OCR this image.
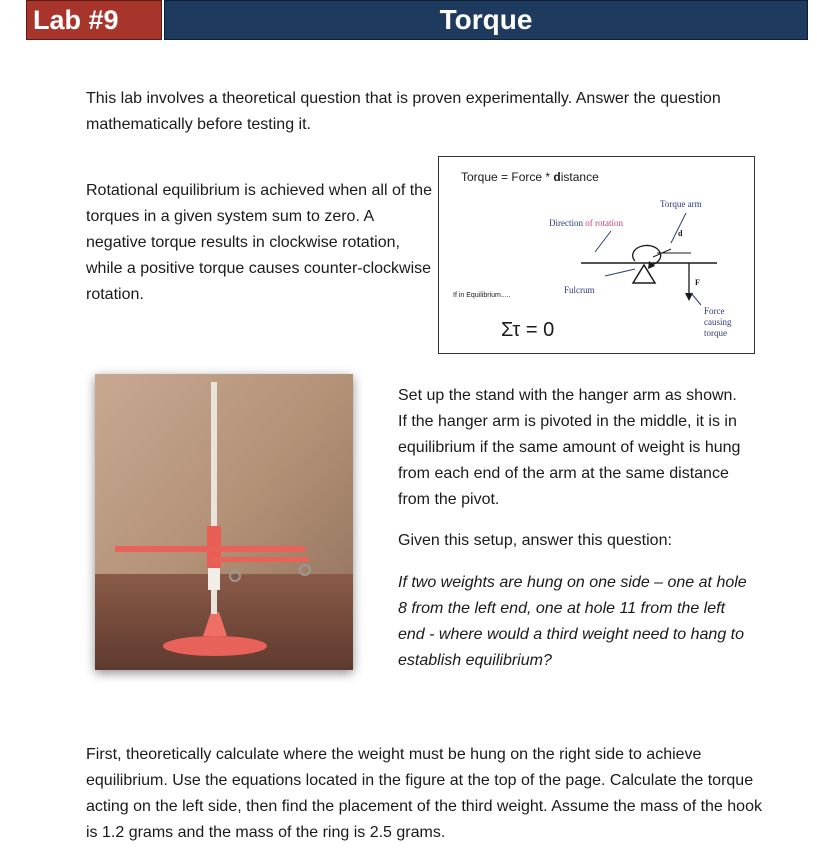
Lab #9	Torque

This lab involves a theoretical question that is proven experimentally. Answer the question mathematically before testing it.

Rotational equilibrium is achieved when all of the torques in a given system sum to zero. A negative torque results in clockwise rotation, while a positive torque causes counter-clockwise rotation.

Torque = Force * distance
Torque arm
Direction of rotation
d
Fulcrum
F
Force
causing
torque
If in Equilibrium.....
Στ = 0

Set up the stand with the hanger arm as shown. If the hanger arm is pivoted in the middle, it is in equilibrium if the same amount of weight is hung from each end of the arm at the same distance from the pivot.

Given this setup, answer this question:

If two weights are hung on one side – one at hole 8 from the left end, one at hole 11 from the left end - where would a third weight need to hang to establish equilibrium?

First, theoretically calculate where the weight must be hung on the right side to achieve equilibrium. Use the equations located in the figure at the top of the page. Calculate the torque acting on the left side, then find the placement of the third weight. Assume the mass of the hook is 1.2 grams and the mass of the ring is 2.5 grams.
